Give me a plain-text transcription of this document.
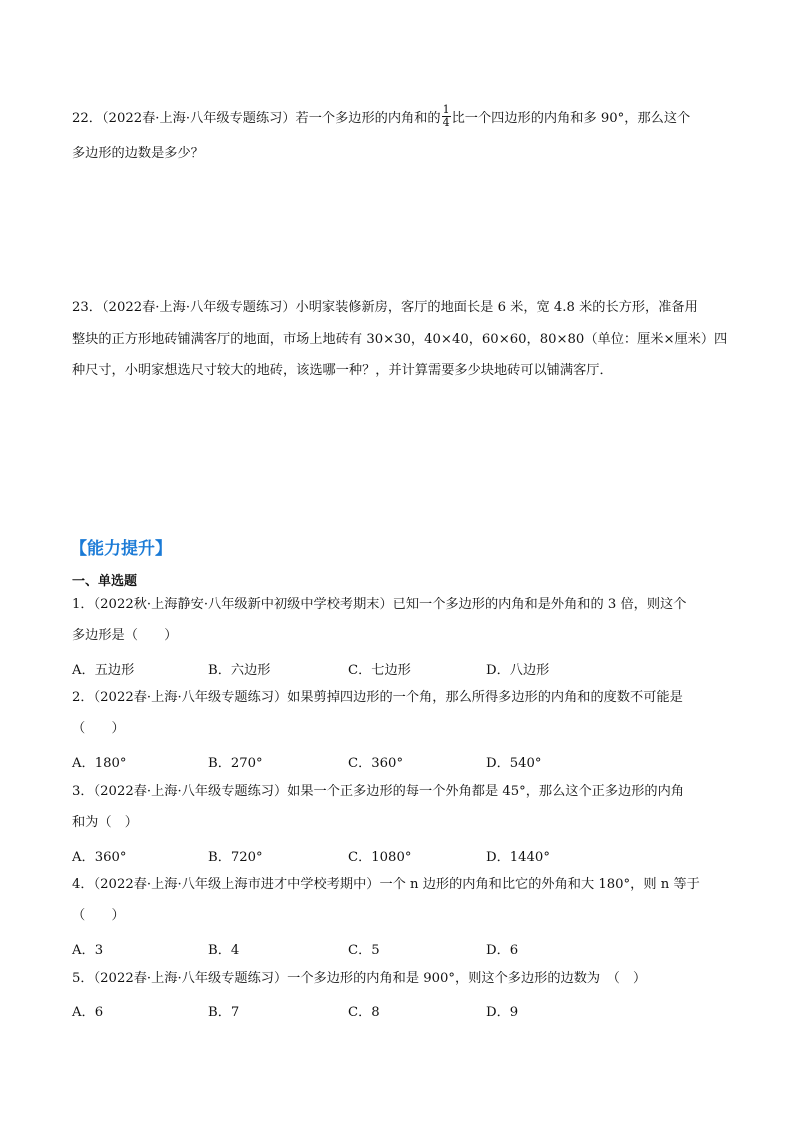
22．（2022春·上海·八年级专题练习）若一个多边形的内角和的 $\frac{1}{4}$ 比一个四边形的内角和多 90°，那么这个
多边形的边数是多少？
23．（2022春·上海·八年级专题练习）小明家装修新房，客厅的地面长是 6 米，宽 4.8 米的长方形，准备用
整块的正方形地砖铺满客厅的地面，市场上地砖有 30×30，40×40，60×60，80×80（单位：厘米×厘米）四
种尺寸，小明家想选尺寸较大的地砖，该选哪一种？，并计算需要多少块地砖可以铺满客厅．
【能力提升】
一、单选题
1．（2022秋·上海静安·八年级新中初级中学校考期末）已知一个多边形的内角和是外角和的 3 倍，则这个
多边形是（　　）
A．五边形	B．六边形	C．七边形	D．八边形
2．（2022春·上海·八年级专题练习）如果剪掉四边形的一个角，那么所得多边形的内角和的度数不可能是
（　　）
A．180°	B．270°	C．360°	D．540°
3．（2022春·上海·八年级专题练习）如果一个正多边形的每一个外角都是 45°，那么这个正多边形的内角
和为（　）
A．360°	B．720°	C．1080°	D．1440°
4．（2022春·上海·八年级上海市进才中学校考期中）一个 n 边形的内角和比它的外角和大 180°，则 n 等于
（　　）
A．3	B．4	C．5	D．6
5．（2022春·上海·八年级专题练习）一个多边形的内角和是 900°，则这个多边形的边数为　（　）
A．6	B．7	C．8	D．9
